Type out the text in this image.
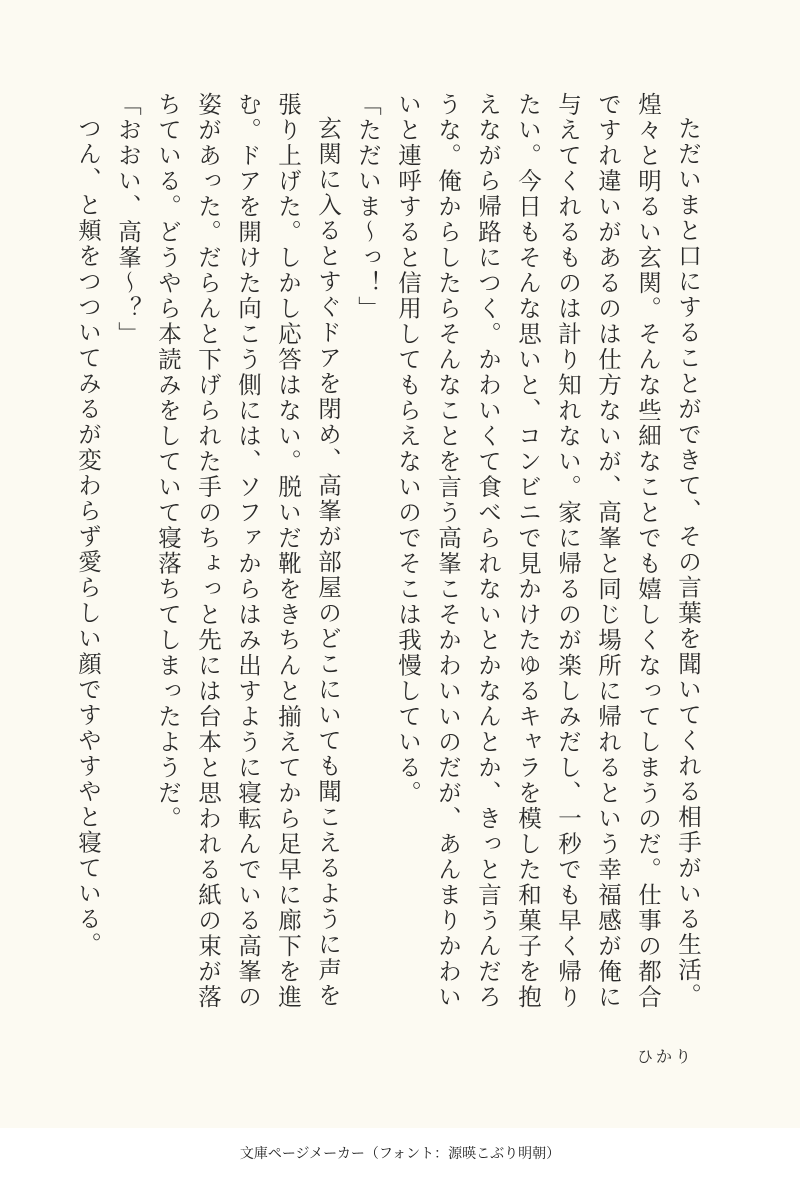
ただいまと口にすることができて、その言葉を聞いてくれる相手がいる生活。煌々と明るい玄関。そんな些細なことでも嬉しくなってしまうのだ。仕事の都合ですれ違いがあるのは仕方ないが、高峯と同じ場所に帰れるという幸福感が俺に与えてくれるものは計り知れない。家に帰るのが楽しみだし、一秒でも早く帰りたい。今日もそんな思いと、コンビニで見かけたゆるキャラを模した和菓子を抱えながら帰路につく。かわいくて食べられないとかなんとか、きっと言うんだろうな。俺からしたらそんなことを言う高峯こそかわいいのだが、あんまりかわいいと連呼すると信用してもらえないのでそこは我慢している。

「ただいま〜っ！」

玄関に入るとすぐドアを閉め、高峯が部屋のどこにいても聞こえるように声を張り上げた。しかし応答はない。脱いだ靴をきちんと揃えてから足早に廊下を進む。ドアを開けた向こう側には、ソファからはみ出すように寝転んでいる高峯の姿があった。だらんと下げられた手のちょっと先には台本と思われる紙の束が落ちている。どうやら本読みをしていて寝落ちてしまったようだ。

「おおい、高峯〜？」

つん、と頬をつついてみるが変わらず愛らしい顔ですやすやと寝ている。

ひかり
文庫ページメーカー（フォント：源暎こぶり明朝）
